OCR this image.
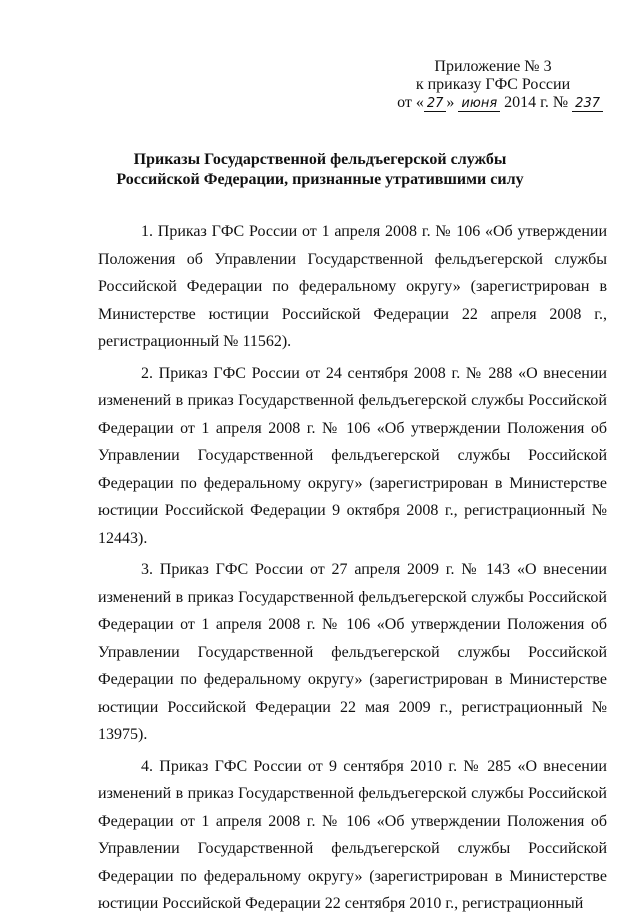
Приложение № 3
к приказу ГФС России
от « 27 » июня 2014 г. № 237
Приказы Государственной фельдъегерской службы Российской Федерации, признанные утратившими силу

1. Приказ ГФС России от 1 апреля 2008 г. № 106 «Об утверждении Положения об Управлении Государственной фельдъегерской службы Российской Федерации по федеральному округу» (зарегистрирован в Министерстве юстиции Российской Федерации 22 апреля 2008 г., регистрационный № 11562).

2. Приказ ГФС России от 24 сентября 2008 г. № 288 «О внесении изменений в приказ Государственной фельдъегерской службы Российской Федерации от 1 апреля 2008 г. № 106 «Об утверждении Положения об Управлении Государственной фельдъегерской службы Российской Федерации по федеральному округу» (зарегистрирован в Министерстве юстиции Российской Федерации 9 октября 2008 г., регистрационный № 12443).

3. Приказ ГФС России от 27 апреля 2009 г. № 143 «О внесении изменений в приказ Государственной фельдъегерской службы Российской Федерации от 1 апреля 2008 г. № 106 «Об утверждении Положения об Управлении Государственной фельдъегерской службы Российской Федерации по федеральному округу» (зарегистрирован в Министерстве юстиции Российской Федерации 22 мая 2009 г., регистрационный № 13975).

4. Приказ ГФС России от 9 сентября 2010 г. № 285 «О внесении изменений в приказ Государственной фельдъегерской службы Российской Федерации от 1 апреля 2008 г. № 106 «Об утверждении Положения об Управлении Государственной фельдъегерской службы Российской Федерации по федеральному округу» (зарегистрирован в Министерстве юстиции Российской Федерации 22 сентября 2010 г., регистрационный
